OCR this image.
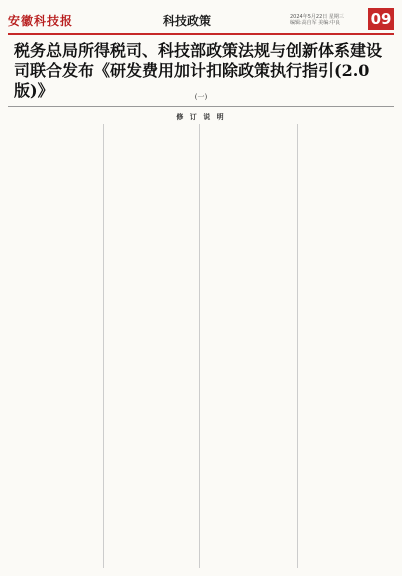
安徽科技报	科技政策	2024年5月22日 星期三
编辑:高自军 美编:中良 09
税务总局所得税司、科技部政策法规与创新体系建设司联合发布《研发费用加计扣除政策执行指引(2.0版)》	(一)
修 订 说 明
